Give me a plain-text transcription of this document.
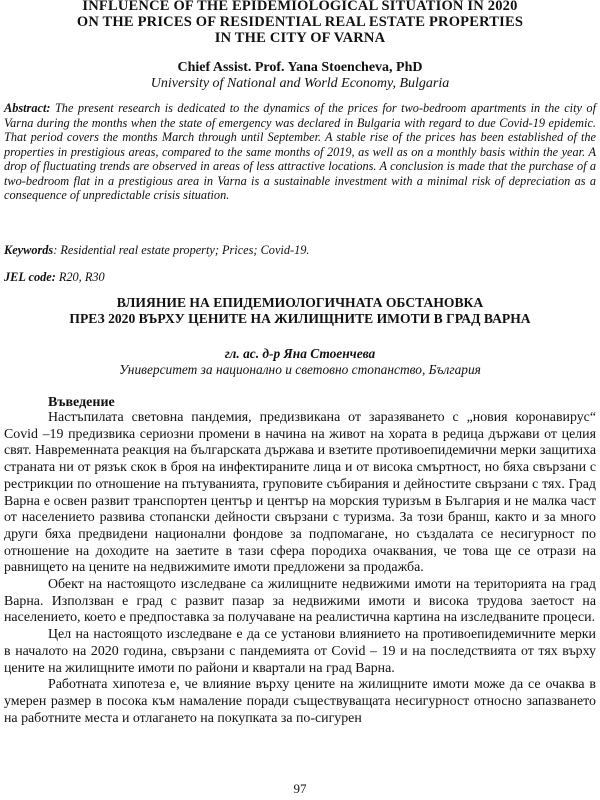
INFLUENCE OF THE EPIDEMIOLOGICAL SITUATION IN 2020
ON THE PRICES OF RESIDENTIAL REAL ESTATE PROPERTIES
IN THE CITY OF VARNA
Chief Assist. Prof. Yana Stoencheva, PhD
University of National and World Economy, Bulgaria
Abstract: The present research is dedicated to the dynamics of the prices for two-bedroom apartments in the city of Varna during the months when the state of emergency was declared in Bulgaria with regard to due Covid-19 epidemic. That period covers the months March through until September. A stable rise of the prices has been established of the properties in prestigious areas, compared to the same months of 2019, as well as on a monthly basis within the year. A drop of fluctuating trends are observed in areas of less attractive locations. A conclusion is made that the purchase of a two-bedroom flat in a prestigious area in Varna is a sustainable investment with a minimal risk of depreciation as a consequence of unpredictable crisis situation.
Keywords: Residential real estate property; Prices; Covid-19.
JEL code: R20, R30
ВЛИЯНИЕ НА ЕПИДЕМИОЛОГИЧНАТА ОБСТАНОВКА
ПРЕЗ 2020 ВЪРХУ ЦЕНИТЕ НА ЖИЛИЩНИТЕ ИМОТИ В ГРАД ВАРНА
гл. ас. д-р Яна Стоенчева
Университет за национално и световно стопанство, България
Въведение

Настъпилата световна пандемия, предизвикана от заразяването с „новия коронавирус“ Covid –19 предизвика сериозни промени в начина на живот на хората в редица държави от целия свят. Навременната реакция на българската държава и взетите противоепидемични мерки защитиха страната ни от рязък скок в броя на инфектираните лица и от висока смъртност, но бяха свързани с рестрикции по отношение на пътуванията, груповите събирания и дейностите свързани с тях. Град Варна е освен развит транспортен център и център на морския туризъм в България и не малка част от населението развива стопански дейности свързани с туризма. За този бранш, както и за много други бяха предвидени национални фондове за подпомагане, но създалата се несигурност по отношение на доходите на заетите в тази сфера породиха очаквания, че това ще се отрази на равнището на цените на недвижимите имоти предложени за продажба.

Обект на настоящото изследване са жилищните недвижими имоти на територията на град Варна. Използван е град с развит пазар за недвижими имоти и висока трудова заетост на населението, което е предпоставка за получаване на реалистична картина на изследваните процеси.

Цел на настоящото изследване е да се установи влиянието на противоепидемичните мерки в началото на 2020 година, свързани с пандемията от Covid – 19 и на последствията от тях върху цените на жилищните имоти по райони и квартали на град Варна.

Работната хипотеза е, че влияние върху цените на жилищните имоти може да се очаква в умерен размер в посока към намаление поради съществуващата несигурност относно запазването на работните места и отлагането на покупката за по-сигурен

97
